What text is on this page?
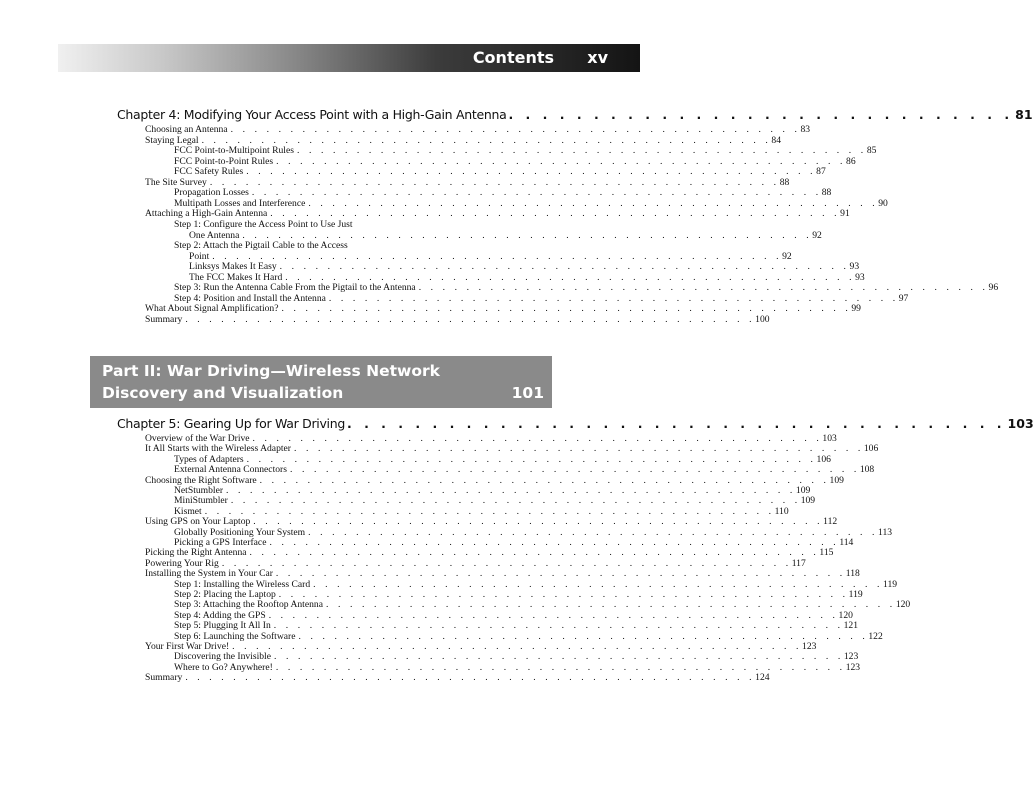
Contents xv
Chapter 4: Modifying Your Access Point with a High-Gain Antenna . . . . . . . . . . . . . . . . . . . . . . . . . . . . . . 81
Choosing an Antenna . . . . . . . . . . . . . . . . . . . . . . . . . . . . . . . . . . . . . . . . . . . . . . . . 83
Staying Legal . . . . . . . . . . . . . . . . . . . . . . . . . . . . . . . . . . . . . . . . . . . . . . . . 84
FCC Point-to-Multipoint Rules . . . . . . . . . . . . . . . . . . . . . . . . . . . . . . . . . . . . . . . . . . . . . . . . 85
FCC Point-to-Point Rules . . . . . . . . . . . . . . . . . . . . . . . . . . . . . . . . . . . . . . . . . . . . . . . . 86
FCC Safety Rules . . . . . . . . . . . . . . . . . . . . . . . . . . . . . . . . . . . . . . . . . . . . . . . . 87
The Site Survey . . . . . . . . . . . . . . . . . . . . . . . . . . . . . . . . . . . . . . . . . . . . . . . . 88
Propagation Losses . . . . . . . . . . . . . . . . . . . . . . . . . . . . . . . . . . . . . . . . . . . . . . . . 88
Multipath Losses and Interference . . . . . . . . . . . . . . . . . . . . . . . . . . . . . . . . . . . . . . . . . . . . . . . . 90
Attaching a High-Gain Antenna . . . . . . . . . . . . . . . . . . . . . . . . . . . . . . . . . . . . . . . . . . . . . . . . 91
Step 1: Configure the Access Point to Use Just
One Antenna . . . . . . . . . . . . . . . . . . . . . . . . . . . . . . . . . . . . . . . . . . . . . . . . 92
Step 2: Attach the Pigtail Cable to the Access
Point . . . . . . . . . . . . . . . . . . . . . . . . . . . . . . . . . . . . . . . . . . . . . . . . 92
Linksys Makes It Easy . . . . . . . . . . . . . . . . . . . . . . . . . . . . . . . . . . . . . . . . . . . . . . . . 93
The FCC Makes It Hard . . . . . . . . . . . . . . . . . . . . . . . . . . . . . . . . . . . . . . . . . . . . . . . . 93
Step 3: Run the Antenna Cable From the Pigtail to the Antenna . . . . . . . . . . . . . . . . . . . . . . . . . . . . . . . . . . . . . . . . . . . . . . . . 96
Step 4: Position and Install the Antenna . . . . . . . . . . . . . . . . . . . . . . . . . . . . . . . . . . . . . . . . . . . . . . . . 97
What About Signal Amplification? . . . . . . . . . . . . . . . . . . . . . . . . . . . . . . . . . . . . . . . . . . . . . . . . 99
Summary . . . . . . . . . . . . . . . . . . . . . . . . . . . . . . . . . . . . . . . . . . . . . . . . 100
Part II: War Driving—Wireless Network
Discovery and Visualization	101
Chapter 5: Gearing Up for War Driving . . . . . . . . . . . . . . . . . . . . . . . . . . . . . . . . . . . . . . . 103
Overview of the War Drive . . . . . . . . . . . . . . . . . . . . . . . . . . . . . . . . . . . . . . . . . . . . . . . . 103
It All Starts with the Wireless Adapter . . . . . . . . . . . . . . . . . . . . . . . . . . . . . . . . . . . . . . . . . . . . . . . . 106
Types of Adapters . . . . . . . . . . . . . . . . . . . . . . . . . . . . . . . . . . . . . . . . . . . . . . . . 106
External Antenna Connectors . . . . . . . . . . . . . . . . . . . . . . . . . . . . . . . . . . . . . . . . . . . . . . . . 108
Choosing the Right Software . . . . . . . . . . . . . . . . . . . . . . . . . . . . . . . . . . . . . . . . . . . . . . . . 109
NetStumbler . . . . . . . . . . . . . . . . . . . . . . . . . . . . . . . . . . . . . . . . . . . . . . . . 109
MiniStumbler . . . . . . . . . . . . . . . . . . . . . . . . . . . . . . . . . . . . . . . . . . . . . . . . 109
Kismet . . . . . . . . . . . . . . . . . . . . . . . . . . . . . . . . . . . . . . . . . . . . . . . . 110
Using GPS on Your Laptop . . . . . . . . . . . . . . . . . . . . . . . . . . . . . . . . . . . . . . . . . . . . . . . . 112
Globally Positioning Your System . . . . . . . . . . . . . . . . . . . . . . . . . . . . . . . . . . . . . . . . . . . . . . . . 113
Picking a GPS Interface . . . . . . . . . . . . . . . . . . . . . . . . . . . . . . . . . . . . . . . . . . . . . . . . 114
Picking the Right Antenna . . . . . . . . . . . . . . . . . . . . . . . . . . . . . . . . . . . . . . . . . . . . . . . . 115
Powering Your Rig . . . . . . . . . . . . . . . . . . . . . . . . . . . . . . . . . . . . . . . . . . . . . . . . 117
Installing the System in Your Car . . . . . . . . . . . . . . . . . . . . . . . . . . . . . . . . . . . . . . . . . . . . . . . . 118
Step 1: Installing the Wireless Card . . . . . . . . . . . . . . . . . . . . . . . . . . . . . . . . . . . . . . . . . . . . . . . . 119
Step 2: Placing the Laptop . . . . . . . . . . . . . . . . . . . . . . . . . . . . . . . . . . . . . . . . . . . . . . . . 119
Step 3: Attaching the Rooftop Antenna . . . . . . . . . . . . . . . . . . . . . . . . . . . . . . . . . . . . . . . . . . . . . . . . 120
Step 4: Adding the GPS . . . . . . . . . . . . . . . . . . . . . . . . . . . . . . . . . . . . . . . . . . . . . . . . 120
Step 5: Plugging It All In . . . . . . . . . . . . . . . . . . . . . . . . . . . . . . . . . . . . . . . . . . . . . . . . 121
Step 6: Launching the Software . . . . . . . . . . . . . . . . . . . . . . . . . . . . . . . . . . . . . . . . . . . . . . . . 122
Your First War Drive! . . . . . . . . . . . . . . . . . . . . . . . . . . . . . . . . . . . . . . . . . . . . . . . . 123
Discovering the Invisible . . . . . . . . . . . . . . . . . . . . . . . . . . . . . . . . . . . . . . . . . . . . . . . . 123
Where to Go? Anywhere! . . . . . . . . . . . . . . . . . . . . . . . . . . . . . . . . . . . . . . . . . . . . . . . . 123
Summary . . . . . . . . . . . . . . . . . . . . . . . . . . . . . . . . . . . . . . . . . . . . . . . . 124
